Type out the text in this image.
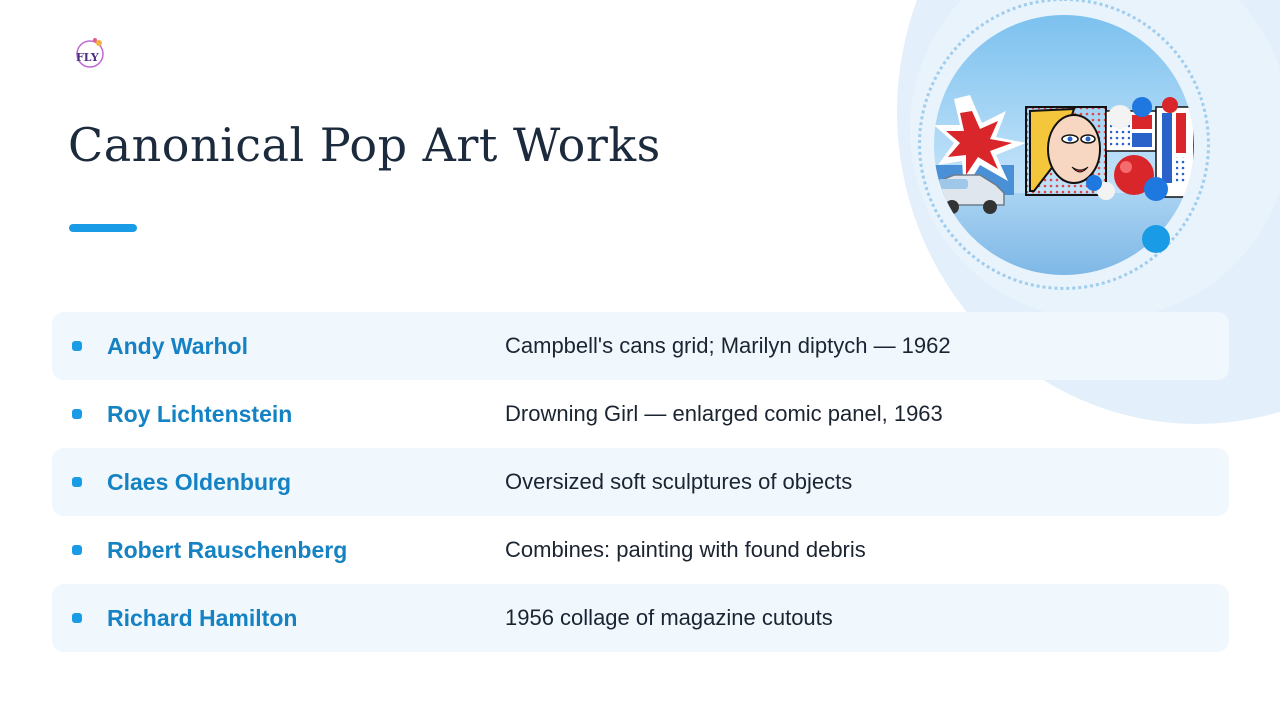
FLY
Canonical Pop Art Works
Andy Warhol	Campbell's cans grid; Marilyn diptych — 1962
Roy Lichtenstein	Drowning Girl — enlarged comic panel, 1963
Claes Oldenburg	Oversized soft sculptures of objects
Robert Rauschenberg	Combines: painting with found debris
Richard Hamilton	1956 collage of magazine cutouts
